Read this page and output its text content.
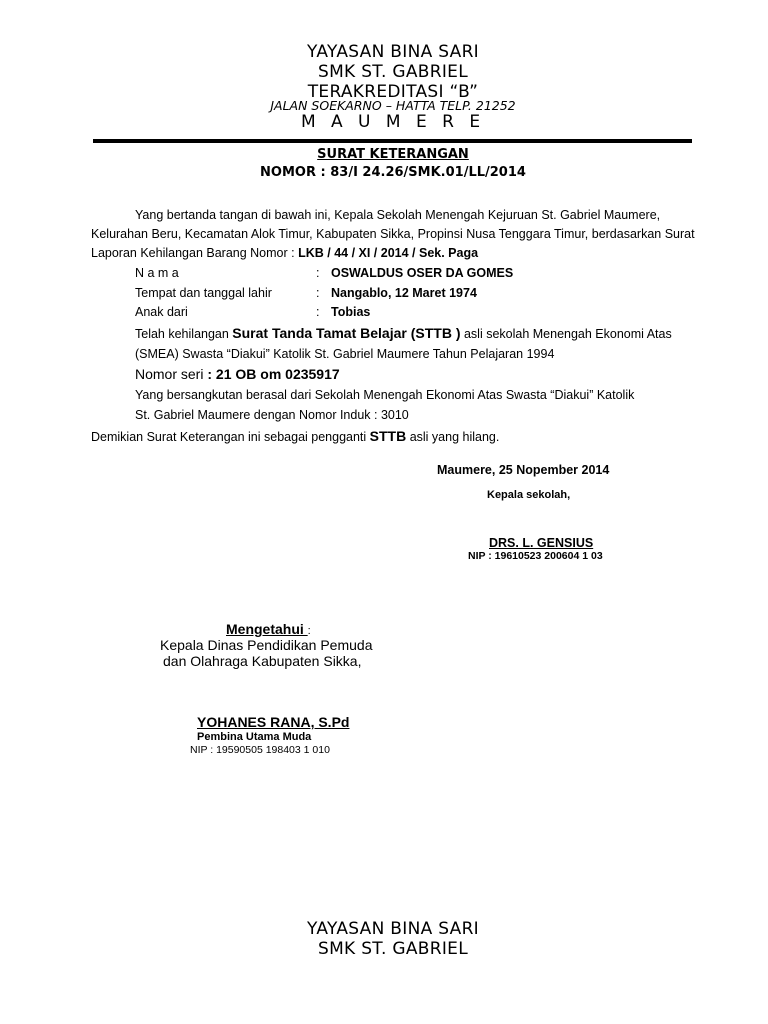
YAYASAN BINA SARI
SMK ST. GABRIEL
TERAKREDITASI “B”
JALAN SOEKARNO – HATTA TELP. 21252
M A U M E R E
SURAT KETERANGAN
NOMOR : 83/I 24.26/SMK.01/LL/2014
Yang bertanda tangan di bawah ini, Kepala Sekolah Menengah Kejuruan St. Gabriel Maumere,
Kelurahan Beru, Kecamatan Alok Timur, Kabupaten Sikka, Propinsi Nusa Tenggara Timur, berdasarkan Surat
Laporan Kehilangan Barang Nomor : LKB / 44 / XI / 2014 / Sek. Paga
N a m a	: OSWALDUS OSER DA GOMES
Tempat dan tanggal lahir	: Nangablo, 12 Maret 1974
Anak dari	: Tobias
Telah kehilangan Surat Tanda Tamat Belajar (STTB ) asli sekolah Menengah Ekonomi Atas
(SMEA) Swasta “Diakui” Katolik St. Gabriel Maumere Tahun Pelajaran 1994
Nomor seri : 21 OB om 0235917
Yang bersangkutan berasal dari Sekolah Menengah Ekonomi Atas Swasta “Diakui” Katolik
St. Gabriel Maumere dengan Nomor Induk : 3010
Demikian Surat Keterangan ini sebagai pengganti STTB asli yang hilang.
Maumere, 25 Nopember 2014
Kepala sekolah,
DRS. L. GENSIUS
NIP : 19610523 200604 1 03
Mengetahui :
Kepala Dinas Pendidikan Pemuda
dan Olahraga Kabupaten Sikka,
YOHANES RANA, S.Pd
Pembina Utama Muda
NIP : 19590505 198403 1 010
YAYASAN BINA SARI
SMK ST. GABRIEL
